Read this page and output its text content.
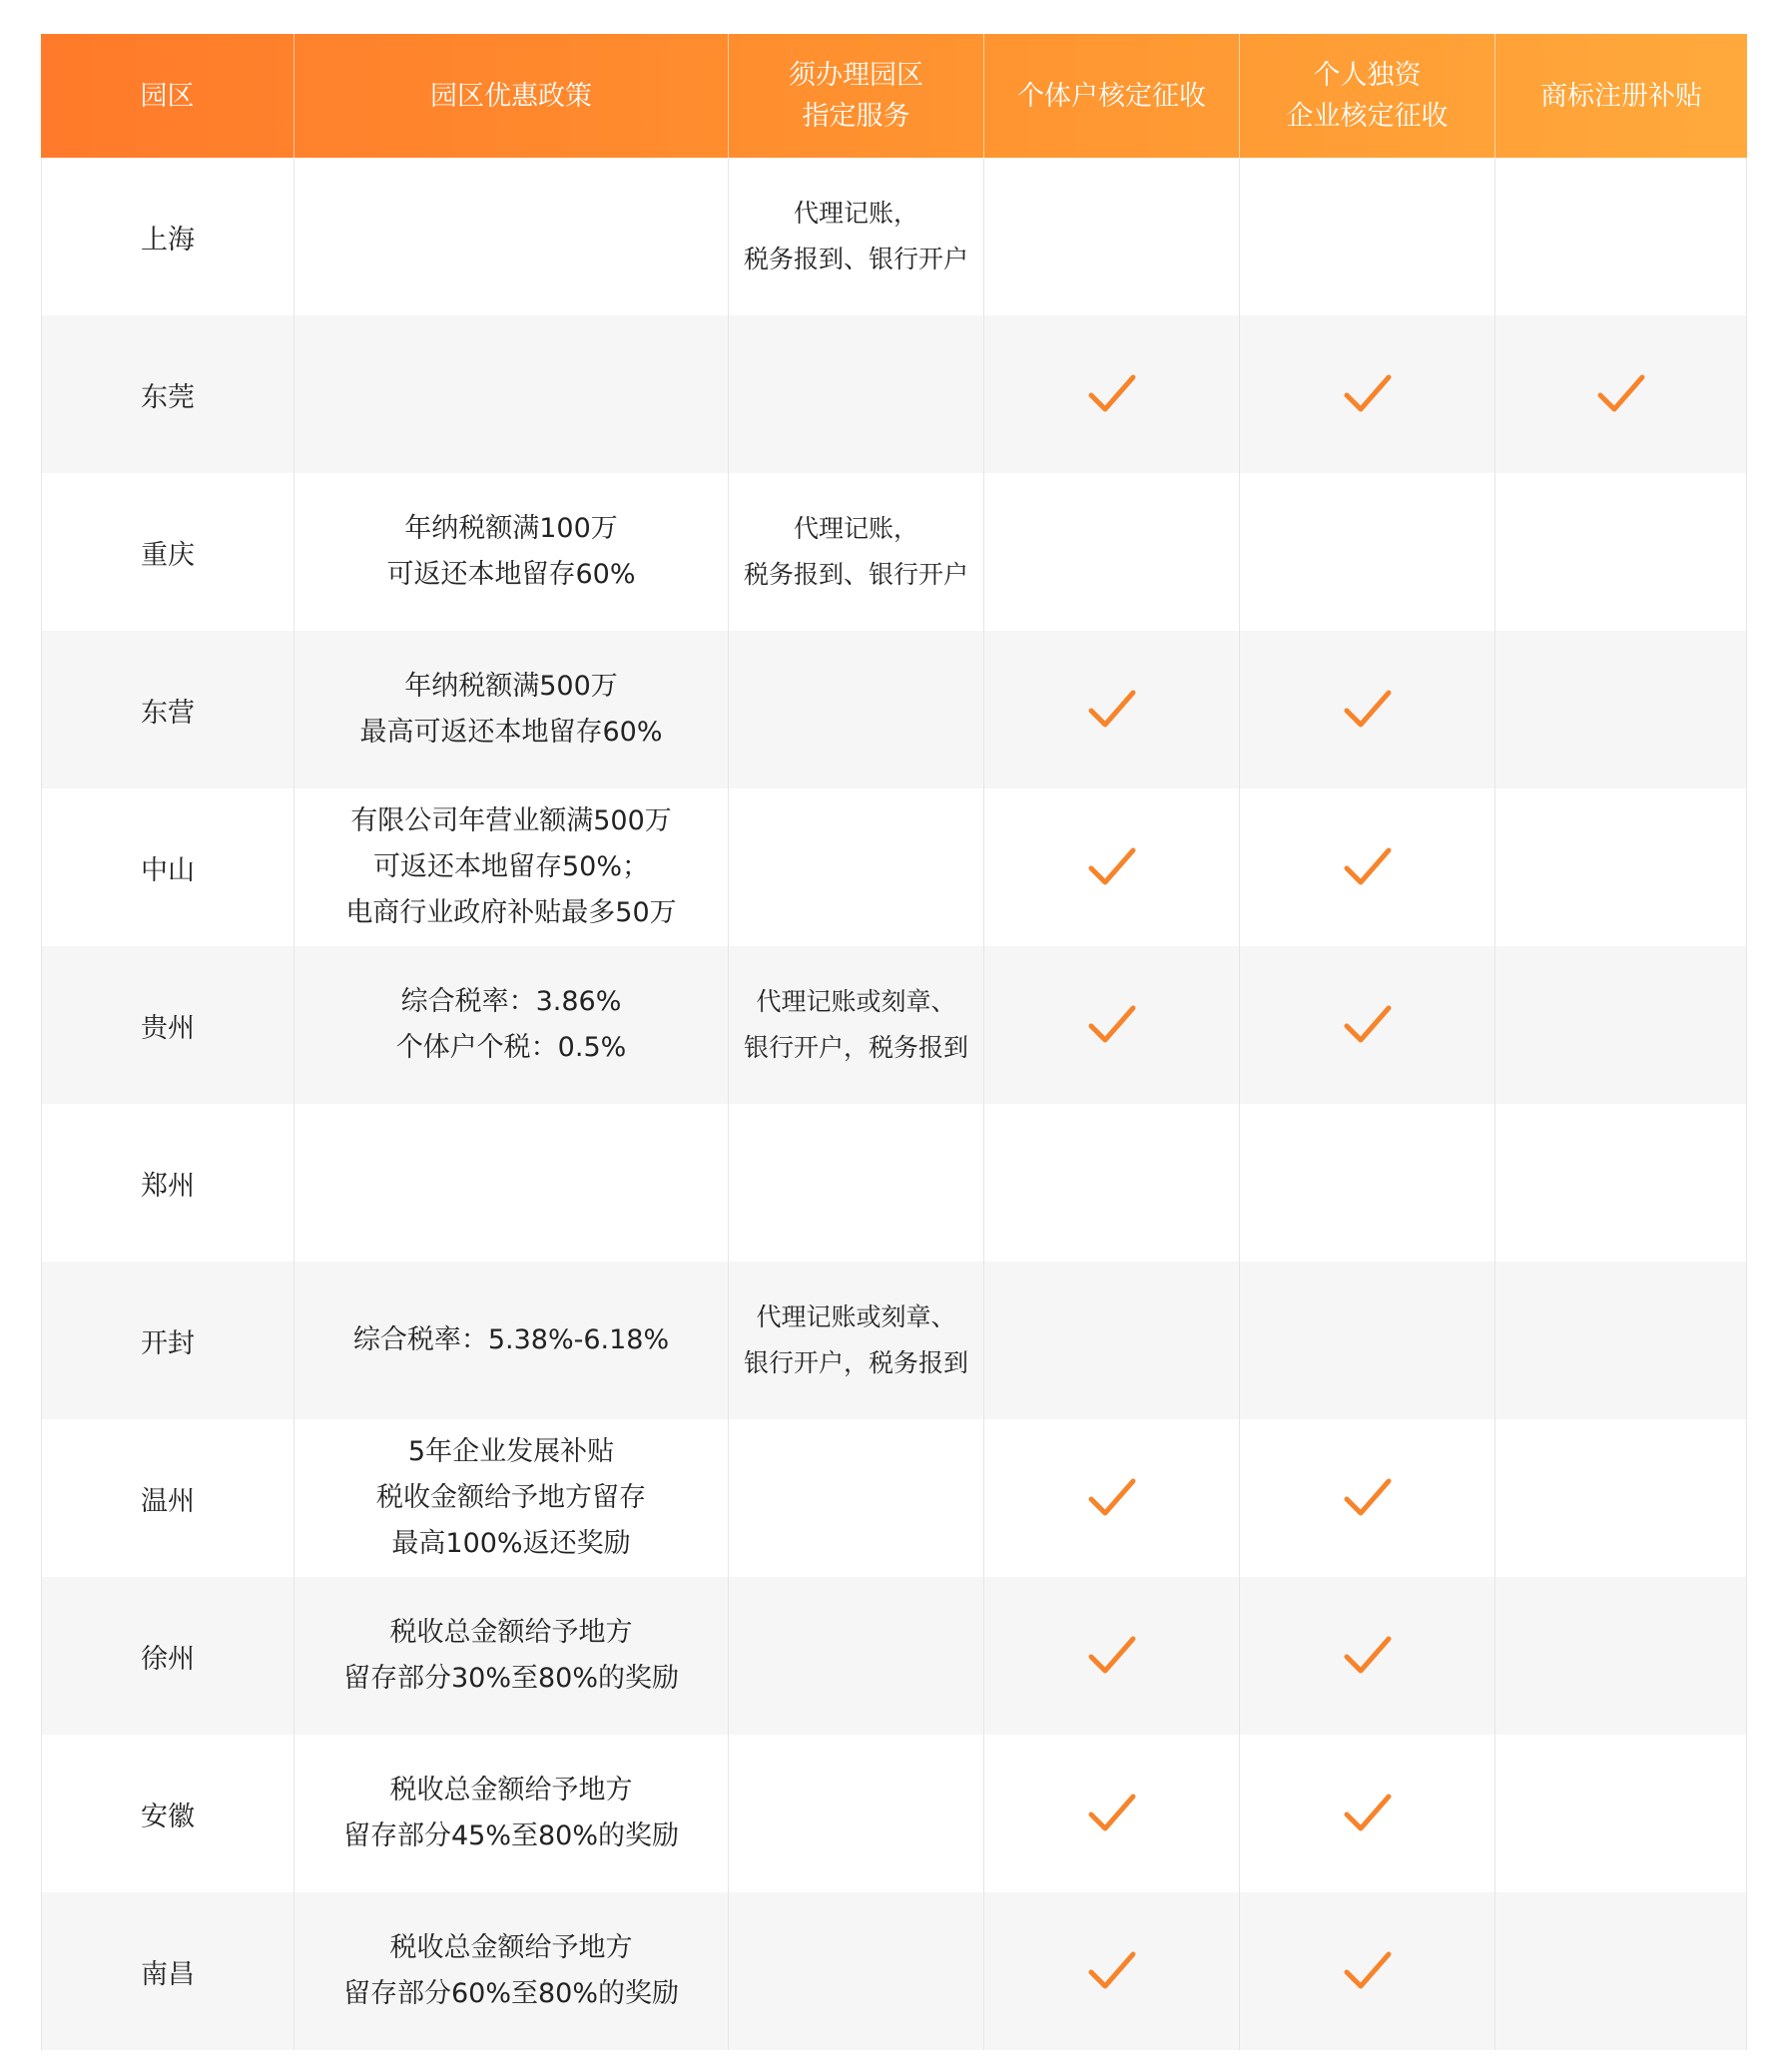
园区	园区优惠政策
须办理园区
指定服务
个体户核定征收
个人独资
企业核定征收
商标注册补贴
上海
代理记账，
税务报到、银行开户
东莞
重庆
年纳税额满100万
可返还本地留存60%
代理记账，
税务报到、银行开户
东营
年纳税额满500万
最高可返还本地留存60%
中山
有限公司年营业额满500万
可返还本地留存50%；
电商行业政府补贴最多50万
贵州
综合税率：3.86%
个体户个税：0.5%
代理记账或刻章、
银行开户，税务报到
郑州
开封	综合税率：5.38%-6.18%
代理记账或刻章、
银行开户，税务报到
温州
5年企业发展补贴
税收金额给予地方留存
最高100%返还奖励
徐州
税收总金额给予地方
留存部分30%至80%的奖励
安徽
税收总金额给予地方
留存部分45%至80%的奖励
南昌
税收总金额给予地方
留存部分60%至80%的奖励
